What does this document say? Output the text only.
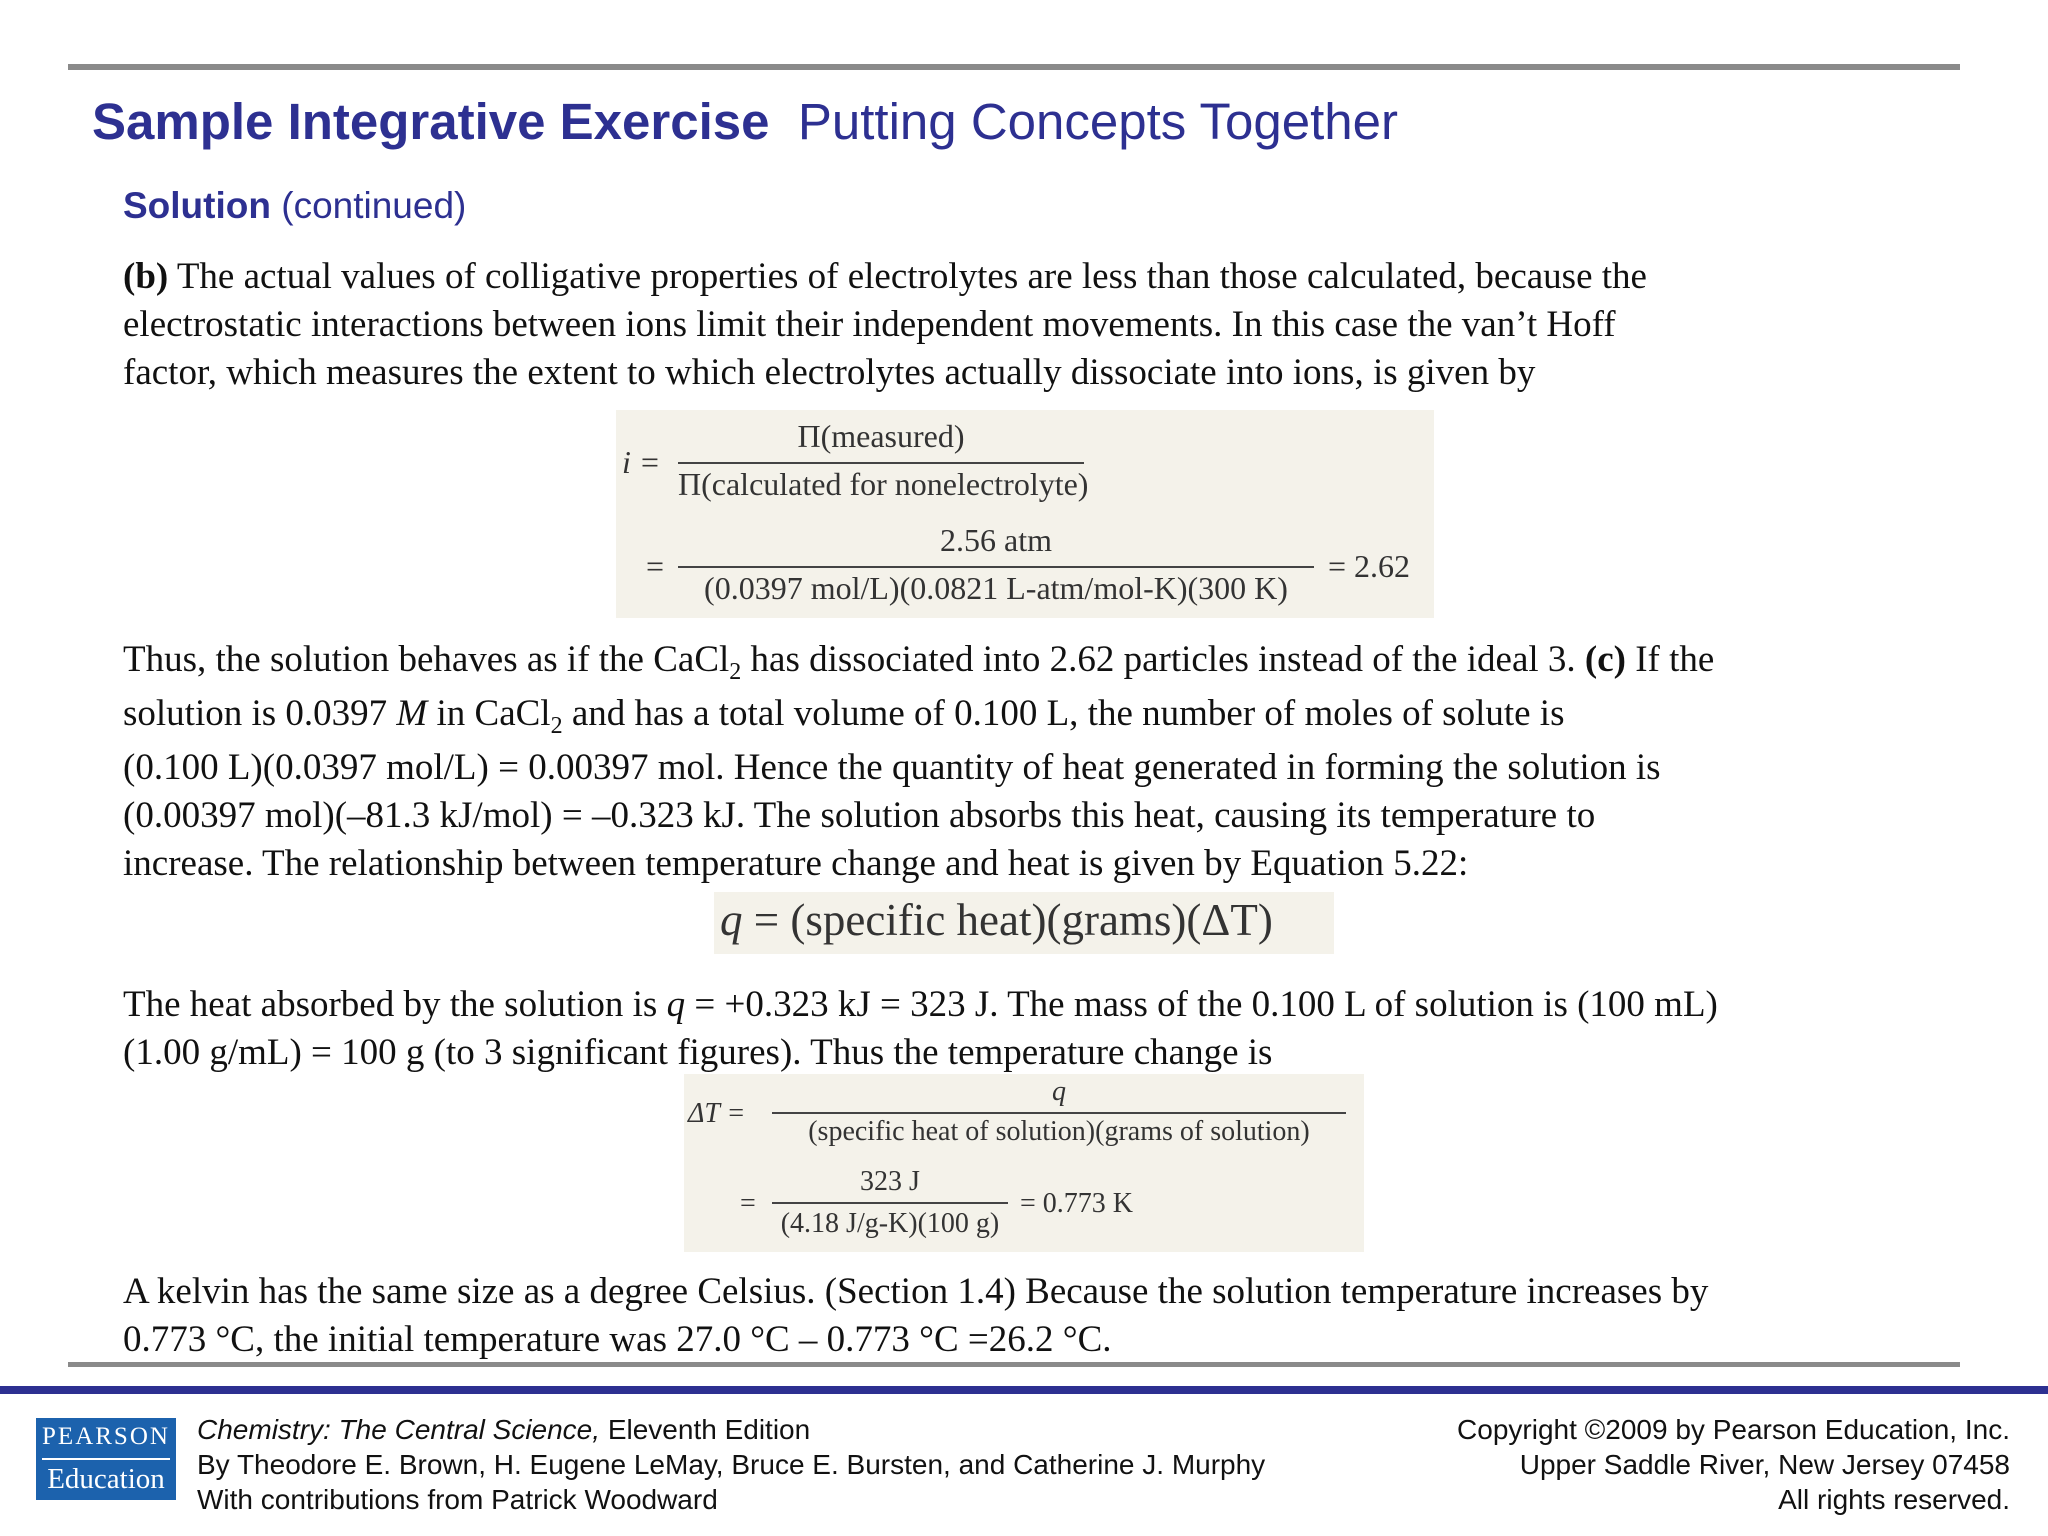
Sample Integrative Exercise Putting Concepts Together
Solution (continued)
(b) The actual values of colligative properties of electrolytes are less than those calculated, because the
electrostatic interactions between ions limit their independent movements. In this case the van’t Hoff
factor, which measures the extent to which electrolytes actually dissociate into ions, is given by
i =
Π(measured)
Π(calculated for nonelectrolyte)
=
2.56 atm
(0.0397 mol/L)(0.0821 L-atm/mol-K)(300 K)
= 2.62
Thus, the solution behaves as if the CaCl$_2$ has dissociated into 2.62 particles instead of the ideal 3. (c) If the
solution is 0.0397 M in CaCl$_2$ and has a total volume of 0.100 L, the number of moles of solute is
(0.100 L)(0.0397 mol/L) = 0.00397 mol. Hence the quantity of heat generated in forming the solution is
(0.00397 mol)(–81.3 kJ/mol) = –0.323 kJ. The solution absorbs this heat, causing its temperature to
increase. The relationship between temperature change and heat is given by Equation 5.22:
q = (specific heat)(grams)(ΔT)
The heat absorbed by the solution is q = +0.323 kJ = 323 J. The mass of the 0.100 L of solution is (100 mL)
(1.00 g/mL) = 100 g (to 3 significant figures). Thus the temperature change is
ΔT =
q
(specific heat of solution)(grams of solution)
=
323 J
(4.18 J/g-K)(100 g)
= 0.773 K
A kelvin has the same size as a degree Celsius. (Section 1.4) Because the solution temperature increases by
0.773 °C, the initial temperature was 27.0 °C – 0.773 °C =26.2 °C.
PEARSON
Education
Chemistry: The Central Science, Eleventh Edition
By Theodore E. Brown, H. Eugene LeMay, Bruce E. Bursten, and Catherine J. Murphy
With contributions from Patrick Woodward
Copyright ©2009 by Pearson Education, Inc.
Upper Saddle River, New Jersey 07458
All rights reserved.
